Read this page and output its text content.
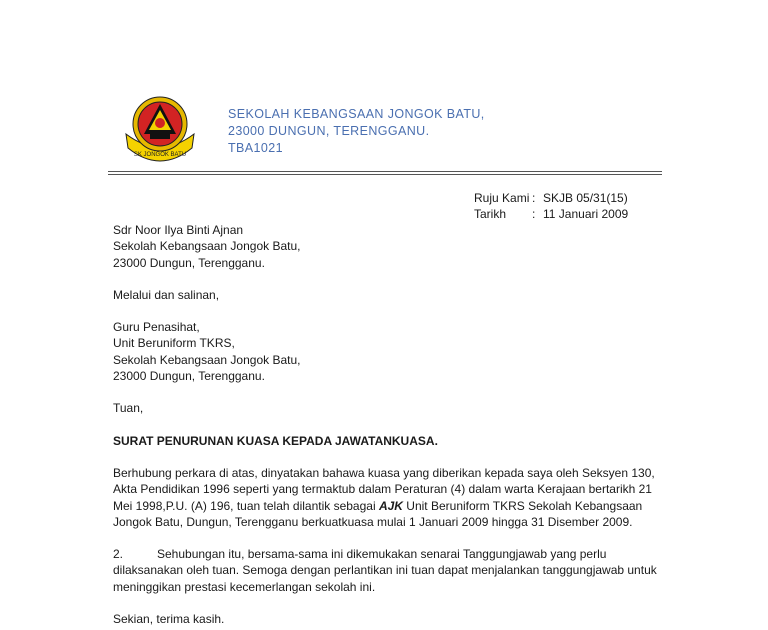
SK JONGOK BATU
SEKOLAH KEBANGSAAN JONGOK BATU,
23000 DUNGUN, TERENGGANU.
TBA1021
Ruju Kami : SKJB 05/31(15)
Tarikh	: 11 Januari 2009

Sdr Noor Ilya Binti Ajnan

Sekolah Kebangsaan Jongok Batu,

23000 Dungun, Terengganu.

Melalui dan salinan,

Guru Penasihat,

Unit Beruniform TKRS,

Sekolah Kebangsaan Jongok Batu,

23000 Dungun, Terengganu.

Tuan,

SURAT PENURUNAN KUASA KEPADA JAWATANKUASA.

Berhubung perkara di atas, dinyatakan bahawa kuasa yang diberikan kepada saya oleh Seksyen 130, Akta Pendidikan 1996 seperti yang termaktub dalam Peraturan (4) dalam warta Kerajaan bertarikh 21 Mei 1998,P.U. (A) 196, tuan telah dilantik sebagai AJK Unit Beruniform TKRS Sekolah Kebangsaan Jongok Batu, Dungun, Terengganu berkuatkuasa mulai 1 Januari 2009 hingga 31 Disember 2009.

2.	Sehubungan itu, bersama-sama ini dikemukakan senarai Tanggungjawab yang perlu dilaksanakan oleh tuan. Semoga dengan perlantikan ini tuan dapat menjalankan tanggungjawab untuk meninggikan prestasi kecemerlangan sekolah ini.

Sekian, terima kasih.
